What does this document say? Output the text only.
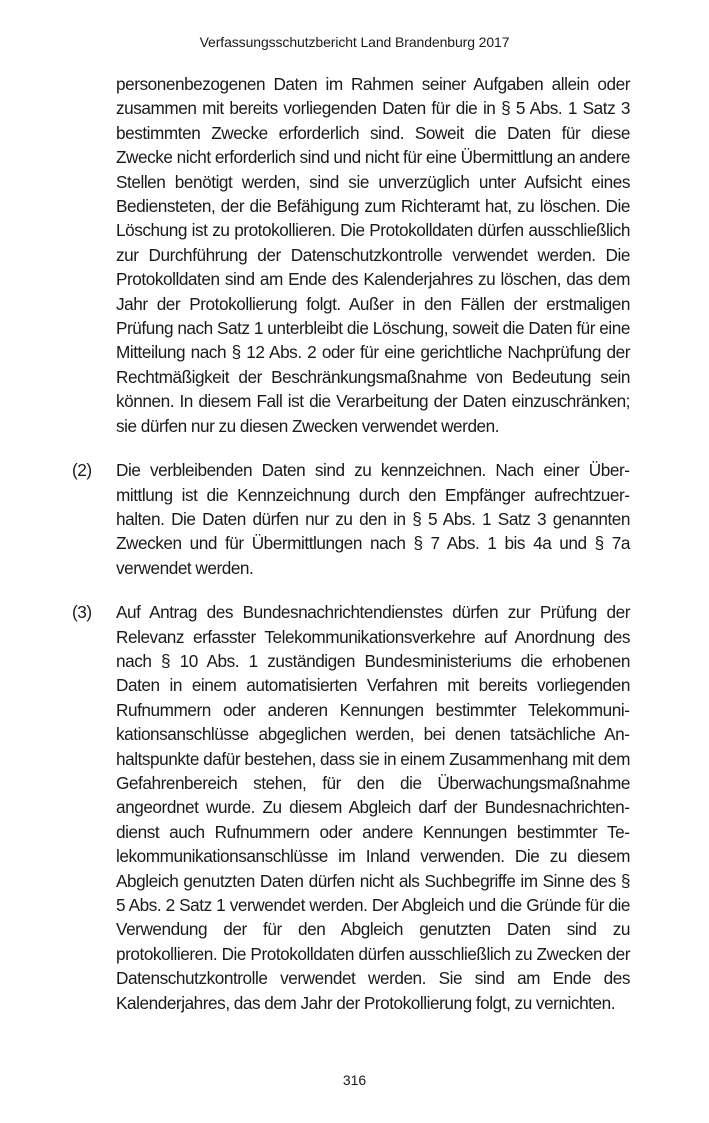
Verfassungsschutzbericht Land Brandenburg 2017

personenbezogenen Daten im Rahmen seiner Aufgaben allein oder zusammen mit bereits vorliegenden Daten für die in § 5 Abs. 1 Satz 3 bestimmten Zwecke erforderlich sind. Soweit die Daten für diese Zwecke nicht erforderlich sind und nicht für eine Übermittlung an andere Stellen benötigt werden, sind sie unverzüglich unter Aufsicht eines Bediensteten, der die Befähigung zum Richteramt hat, zu löschen. Die Löschung ist zu protokollieren. Die Protokolldaten dürfen ausschließlich zur Durchführung der Datenschutzkontrolle verwendet werden. Die Protokolldaten sind am Ende des Kalenderjahres zu löschen, das dem Jahr der Protokollierung folgt. Außer in den Fällen der erstmaligen Prüfung nach Satz 1 unterbleibt die Löschung, soweit die Daten für eine Mitteilung nach § 12 Abs. 2 oder für eine gerichtliche Nachprüfung der Rechtmäßigkeit der Beschränkungsmaßnahme von Bedeutung sein können. In diesem Fall ist die Verarbeitung der Daten einzuschränken; sie dürfen nur zu diesen Zwecken verwendet werden.

(2) Die verbleibenden Daten sind zu kennzeichnen. Nach einer Übermittlung ist die Kennzeichnung durch den Empfänger aufrechtzuerhalten. Die Daten dürfen nur zu den in § 5 Abs. 1 Satz 3 genannten Zwecken und für Übermittlungen nach § 7 Abs. 1 bis 4a und § 7a verwendet werden.

(3) Auf Antrag des Bundesnachrichtendienstes dürfen zur Prüfung der Relevanz erfasster Telekommunikationsverkehre auf Anordnung des nach § 10 Abs. 1 zuständigen Bundesministeriums die erhobenen Daten in einem automatisierten Verfahren mit bereits vorliegenden Rufnummern oder anderen Kennungen bestimmter Telekommunikationsanschlüsse abgeglichen werden, bei denen tatsächliche Anhaltspunkte dafür bestehen, dass sie in einem Zusammenhang mit dem Gefahrenbereich stehen, für den die Überwachungsmaßnahme angeordnet wurde. Zu diesem Abgleich darf der Bundesnachrichtendienst auch Rufnummern oder andere Kennungen bestimmter Telekommunikationsanschlüsse im Inland verwenden. Die zu diesem Abgleich genutzten Daten dürfen nicht als Suchbegriffe im Sinne des § 5 Abs. 2 Satz 1 verwendet werden. Der Abgleich und die Gründe für die Verwendung der für den Abgleich genutzten Daten sind zu protokollieren. Die Protokolldaten dürfen ausschließlich zu Zwecken der Datenschutzkontrolle verwendet werden. Sie sind am Ende des Kalenderjahres, das dem Jahr der Protokollierung folgt, zu vernichten.

316
